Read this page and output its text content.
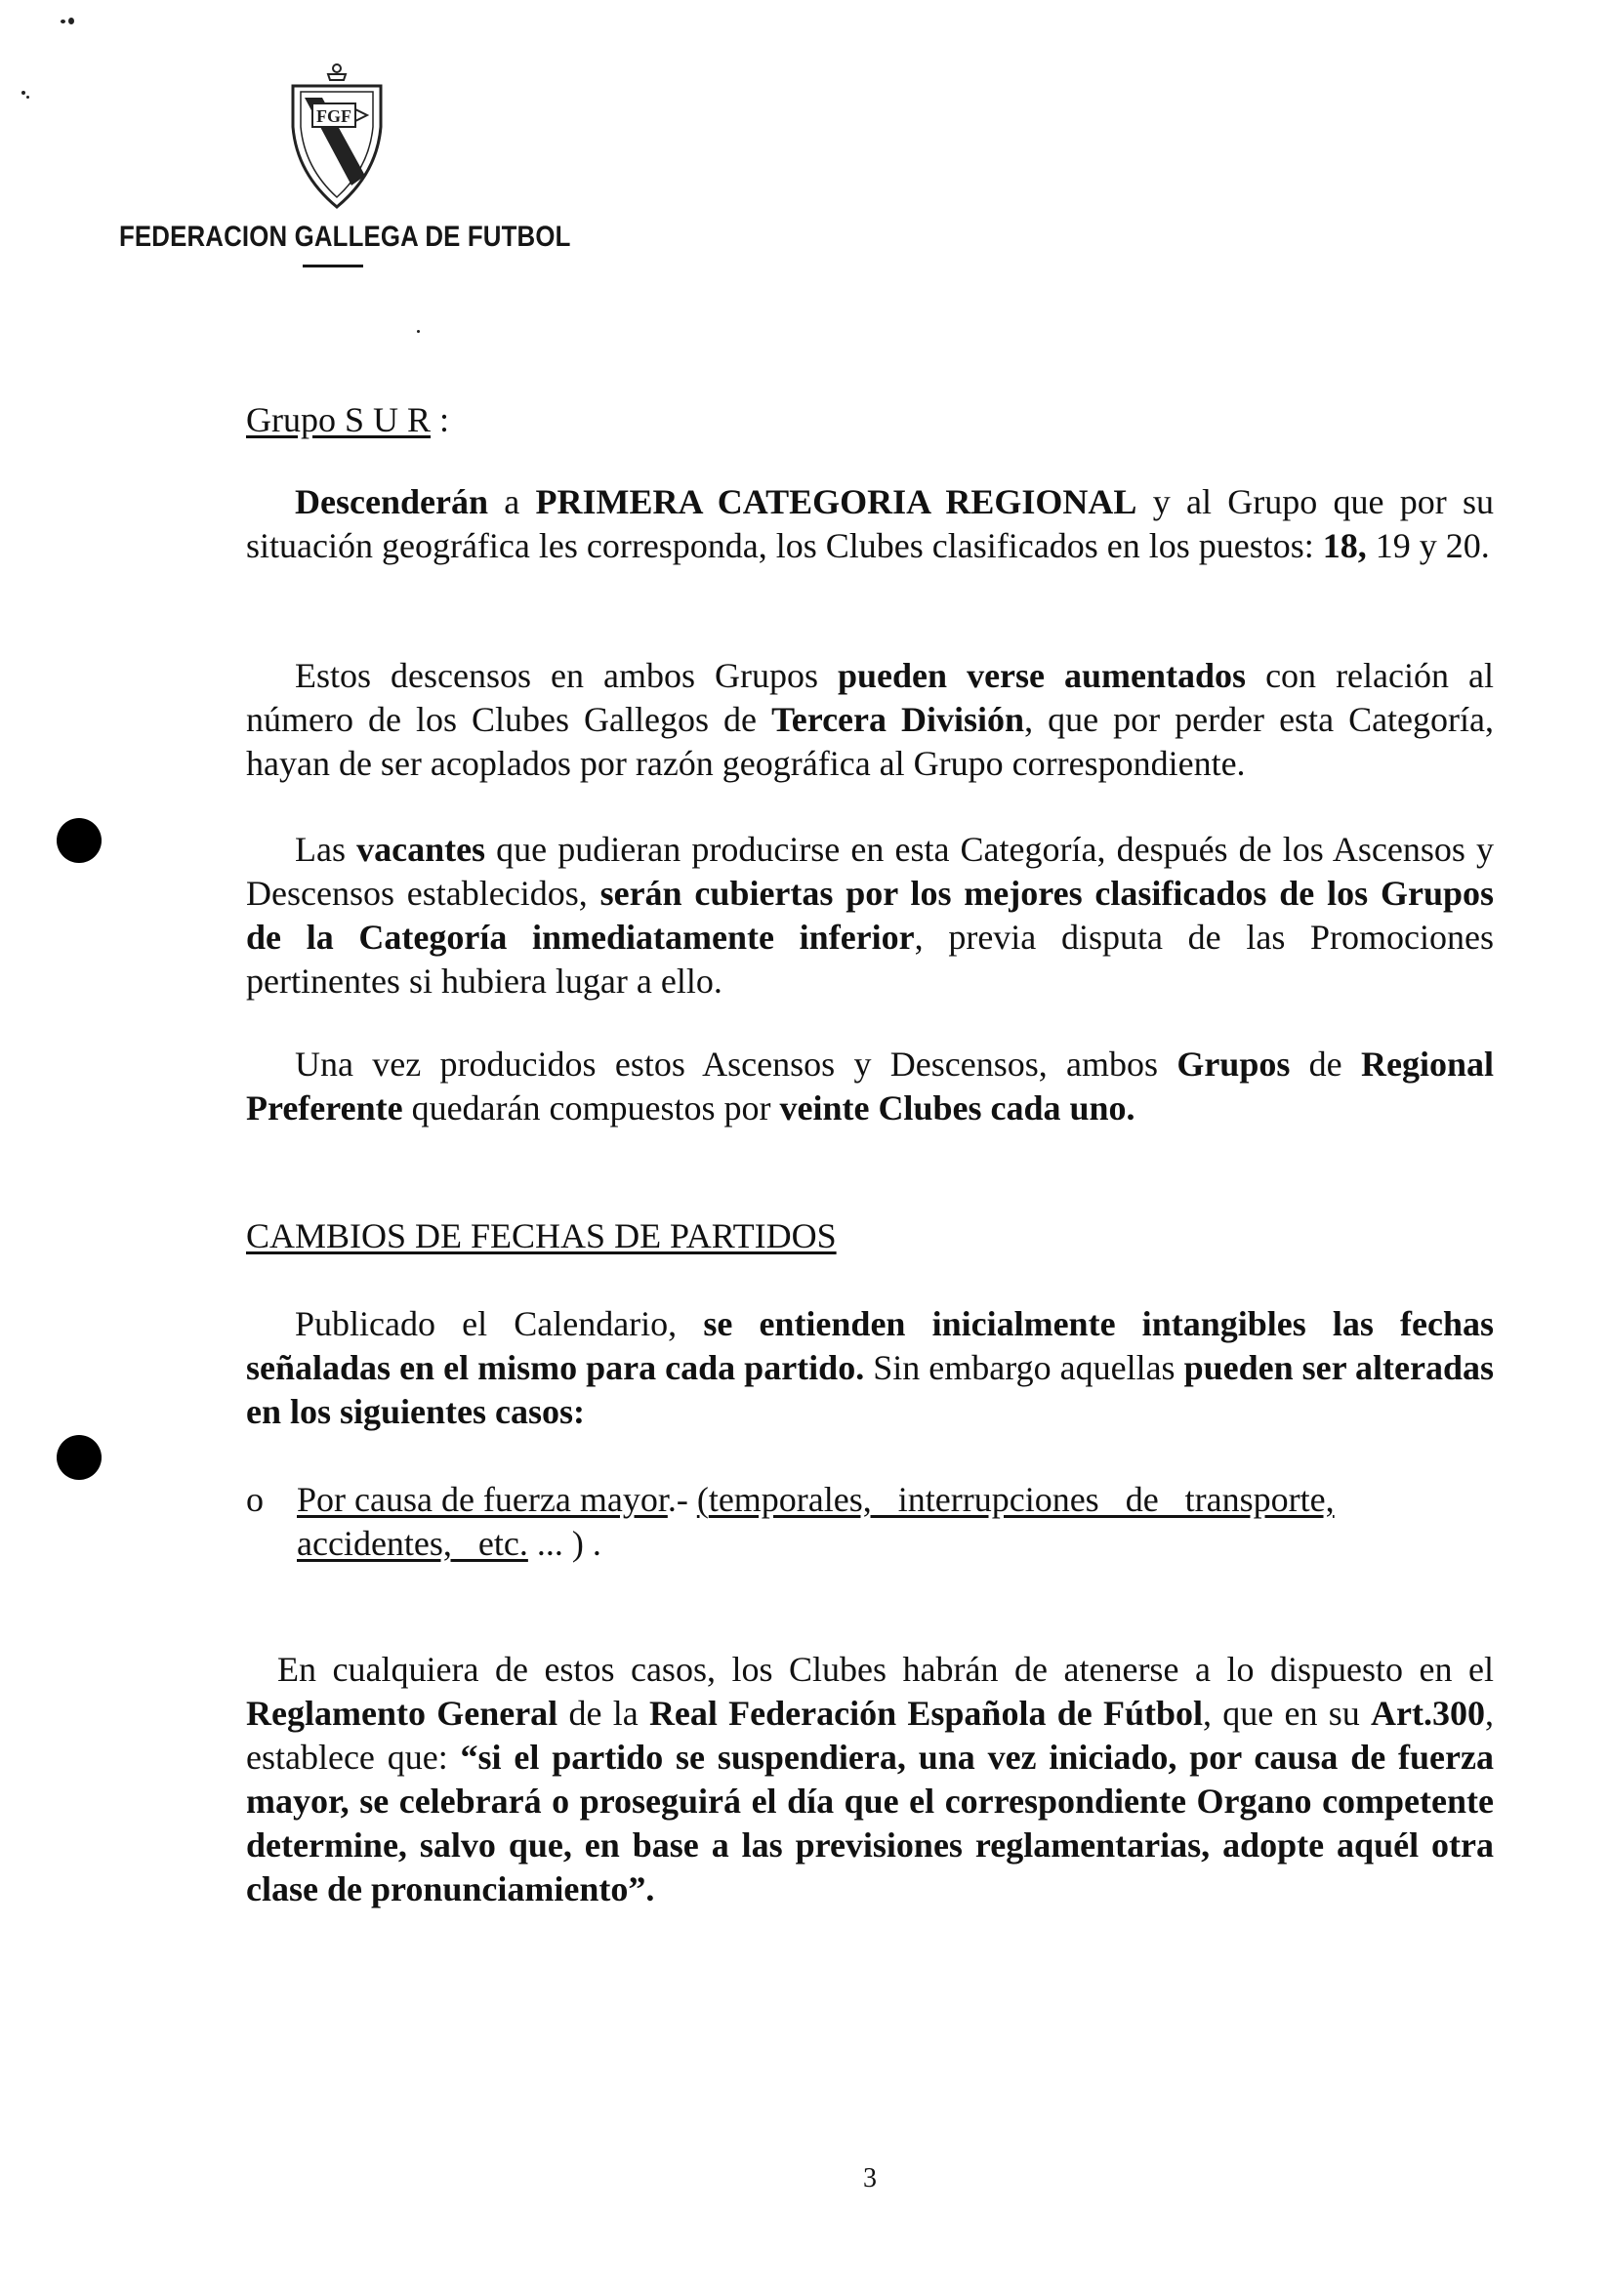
FGF
FEDERACION GALLEGA DE FUTBOL
Grupo S U R :

Descenderán a PRIMERA CATEGORIA REGIONAL y al Grupo que por su situación geográfica les corresponda, los Clubes clasificados en los puestos: 18, 19 y 20.

Estos descensos en ambos Grupos pueden verse aumentados con relación al número de los Clubes Gallegos de Tercera División, que por perder esta Categoría, hayan de ser acoplados por razón geográfica al Grupo correspondiente.

Las vacantes que pudieran producirse en esta Categoría, después de los Ascensos y Descensos establecidos, serán cubiertas por los mejores clasificados de los Grupos de la Categoría inmediatamente inferior, previa disputa de las Promociones pertinentes si hubiera lugar a ello.

Una vez producidos estos Ascensos y Descensos, ambos Grupos de Regional Preferente quedarán compuestos por veinte Clubes cada uno.

CAMBIOS DE FECHAS DE PARTIDOS

Publicado el Calendario, se entienden inicialmente intangibles las fechas señaladas en el mismo para cada partido. Sin embargo aquellas pueden ser alteradas en los siguientes casos:

o Por causa de fuerza mayor.- (temporales, interrupciones de transporte, accidentes, etc. ... ) .

En cualquiera de estos casos, los Clubes habrán de atenerse a lo dispuesto en el Reglamento General de la Real Federación Española de Fútbol, que en su Art.300, establece que: “si el partido se suspendiera, una vez iniciado, por causa de fuerza mayor, se celebrará o proseguirá el día que el correspondiente Organo competente determine, salvo que, en base a las previsiones reglamentarias, adopte aquél otra clase de pronunciamiento”.

3
